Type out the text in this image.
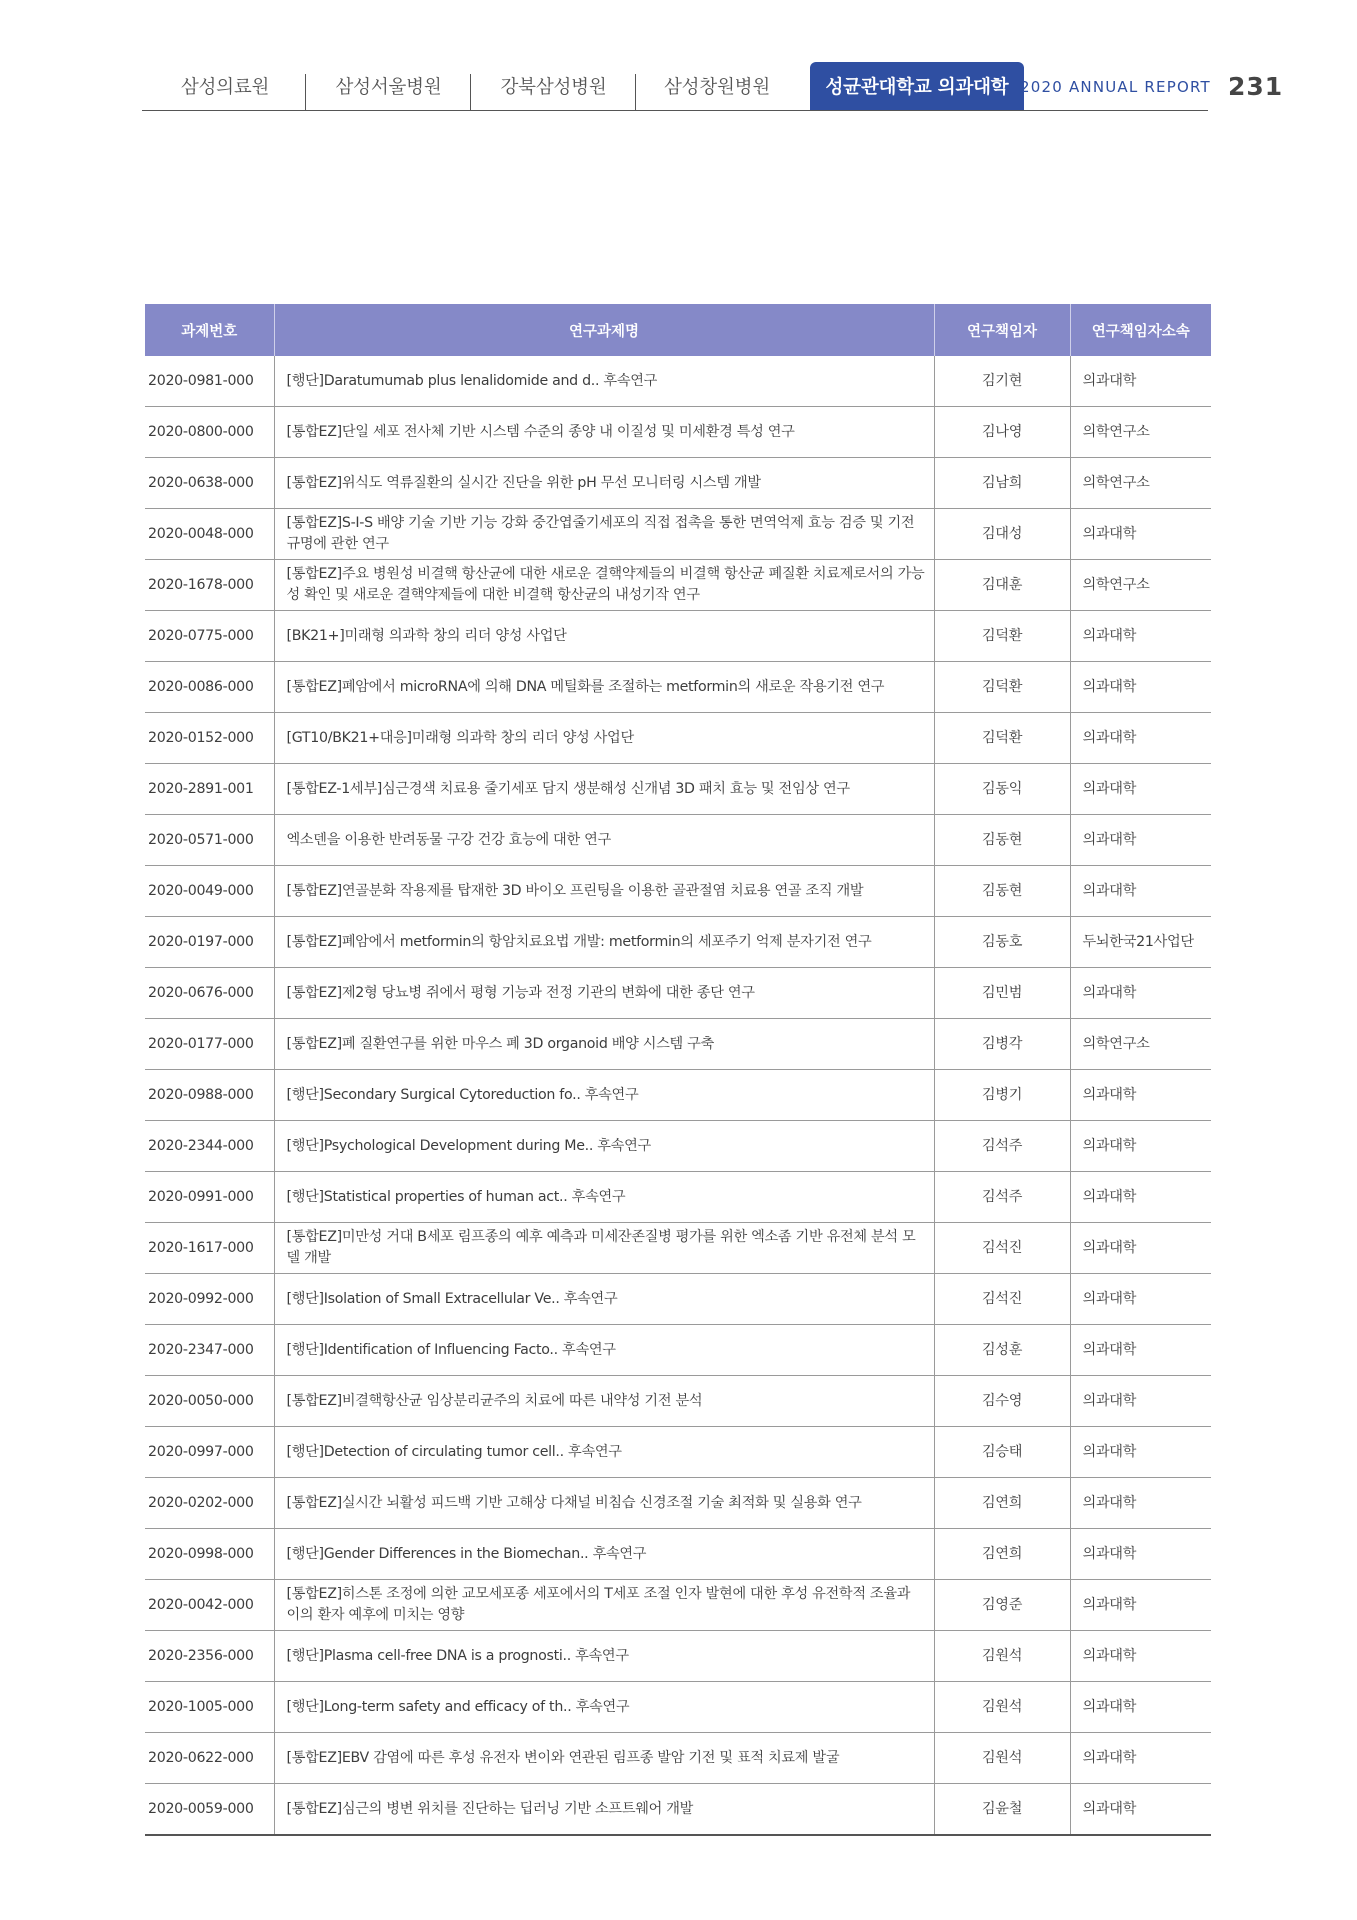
삼성의료원	삼성서울병원	강북삼성병원	삼성창원병원	성균관대학교 의과대학 2020 ANNUAL REPORT 231
과제번호	연구과제명	연구책임자	연구책임자소속
2020-0981-000	[행단]Daratumumab plus lenalidomide and d.. 후속연구	김기현	의과대학
2020-0800-000	[통합EZ]단일 세포 전사체 기반 시스템 수준의 종양 내 이질성 및 미세환경 특성 연구	김나영	의학연구소
2020-0638-000	[통합EZ]위식도 역류질환의 실시간 진단을 위한 pH 무선 모니터링 시스템 개발	김남희	의학연구소
2020-0048-000	[통합EZ]S-I-S 배양 기술 기반 기능 강화 중간엽줄기세포의 직접 접촉을 통한 면역억제 효능 검증 및 기전 규명에 관한 연구	김대성	의과대학
2020-1678-000	[통합EZ]주요 병원성 비결핵 항산균에 대한 새로운 결핵약제들의 비결핵 항산균 폐질환 치료제로서의 가능성 확인 및 새로운 결핵약제들에 대한 비결핵 항산균의 내성기작 연구	김대훈	의학연구소
2020-0775-000	[BK21+]미래형 의과학 창의 리더 양성 사업단	김덕환	의과대학
2020-0086-000	[통합EZ]폐암에서 microRNA에 의해 DNA 메틸화를 조절하는 metformin의 새로운 작용기전 연구	김덕환	의과대학
2020-0152-000	[GT10/BK21+대응]미래형 의과학 창의 리더 양성 사업단	김덕환	의과대학
2020-2891-001	[통합EZ-1세부]심근경색 치료용 줄기세포 담지 생분해성 신개념 3D 패치 효능 및 전임상 연구	김동익	의과대학
2020-0571-000	엑소덴을 이용한 반려동물 구강 건강 효능에 대한 연구	김동현	의과대학
2020-0049-000	[통합EZ]연골분화 작용제를 탑재한 3D 바이오 프린팅을 이용한 골관절염 치료용 연골 조직 개발	김동현	의과대학
2020-0197-000	[통합EZ]폐암에서 metformin의 항암치료요법 개발: metformin의 세포주기 억제 분자기전 연구	김동호	두뇌한국21사업단
2020-0676-000	[통합EZ]제2형 당뇨병 쥐에서 평형 기능과 전정 기관의 변화에 대한 종단 연구	김민범	의과대학
2020-0177-000	[통합EZ]폐 질환연구를 위한 마우스 폐 3D organoid 배양 시스템 구축	김병각	의학연구소
2020-0988-000	[행단]Secondary Surgical Cytoreduction fo.. 후속연구	김병기	의과대학
2020-2344-000	[행단]Psychological Development during Me.. 후속연구	김석주	의과대학
2020-0991-000	[행단]Statistical properties of human act.. 후속연구	김석주	의과대학
2020-1617-000	[통합EZ]미만성 거대 B세포 림프종의 예후 예측과 미세잔존질병 평가를 위한 엑소좀 기반 유전체 분석 모델 개발	김석진	의과대학
2020-0992-000	[행단]Isolation of Small Extracellular Ve.. 후속연구	김석진	의과대학
2020-2347-000	[행단]Identification of Influencing Facto.. 후속연구	김성훈	의과대학
2020-0050-000	[통합EZ]비결핵항산균 임상분리균주의 치료에 따른 내약성 기전 분석	김수영	의과대학
2020-0997-000	[행단]Detection of circulating tumor cell.. 후속연구	김승태	의과대학
2020-0202-000	[통합EZ]실시간 뇌활성 피드백 기반 고해상 다채널 비침습 신경조절 기술 최적화 및 실용화 연구	김연희	의과대학
2020-0998-000	[행단]Gender Differences in the Biomechan.. 후속연구	김연희	의과대학
2020-0042-000	[통합EZ]히스톤 조정에 의한 교모세포종 세포에서의 T세포 조절 인자 발현에 대한 후성 유전학적 조율과 이의 환자 예후에 미치는 영향	김영준	의과대학
2020-2356-000	[행단]Plasma cell-free DNA is a prognosti.. 후속연구	김원석	의과대학
2020-1005-000	[행단]Long-term safety and efficacy of th.. 후속연구	김원석	의과대학
2020-0622-000	[통합EZ]EBV 감염에 따른 후성 유전자 변이와 연관된 림프종 발암 기전 및 표적 치료제 발굴	김원석	의과대학
2020-0059-000	[통합EZ]심근의 병변 위치를 진단하는 딥러닝 기반 소프트웨어 개발	김윤철	의과대학
